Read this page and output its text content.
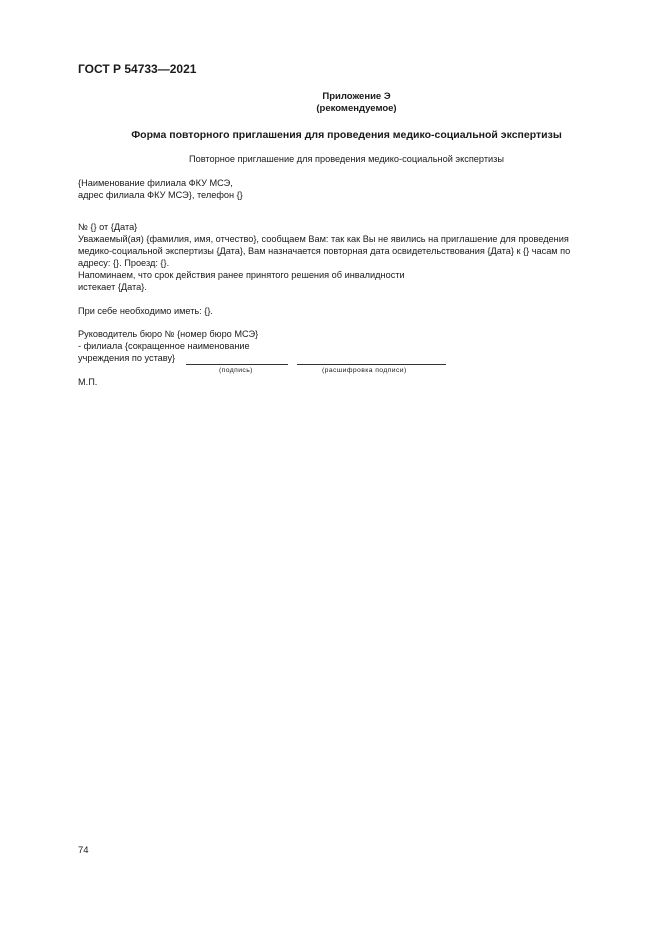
ГОСТ Р 54733—2021
Приложение Э
(рекомендуемое)
Форма повторного приглашения для проведения медико-социальной экспертизы
Повторное приглашение для проведения медико-социальной экспертизы
{Наименование филиала ФКУ МСЭ,
адрес филиала ФКУ МСЭ}, телефон {}
№ {} от {Дата}
Уважаемый(ая) {фамилия, имя, отчество}, сообщаем Вам: так как Вы не явились на приглашение для проведения
медико-социальной экспертизы {Дата}, Вам назначается повторная дата освидетельствования {Дата} к {} часам по
адресу: {}. Проезд: {}.
Напоминаем, что срок действия ранее принятого решения об инвалидности
истекает {Дата}.
При себе необходимо иметь: {}.
Руководитель бюро № {номер бюро МСЭ}
- филиала {сокращенное наименование
учреждения по уставу}
(подпись)	(расшифровка подписи)
М.П.
74
